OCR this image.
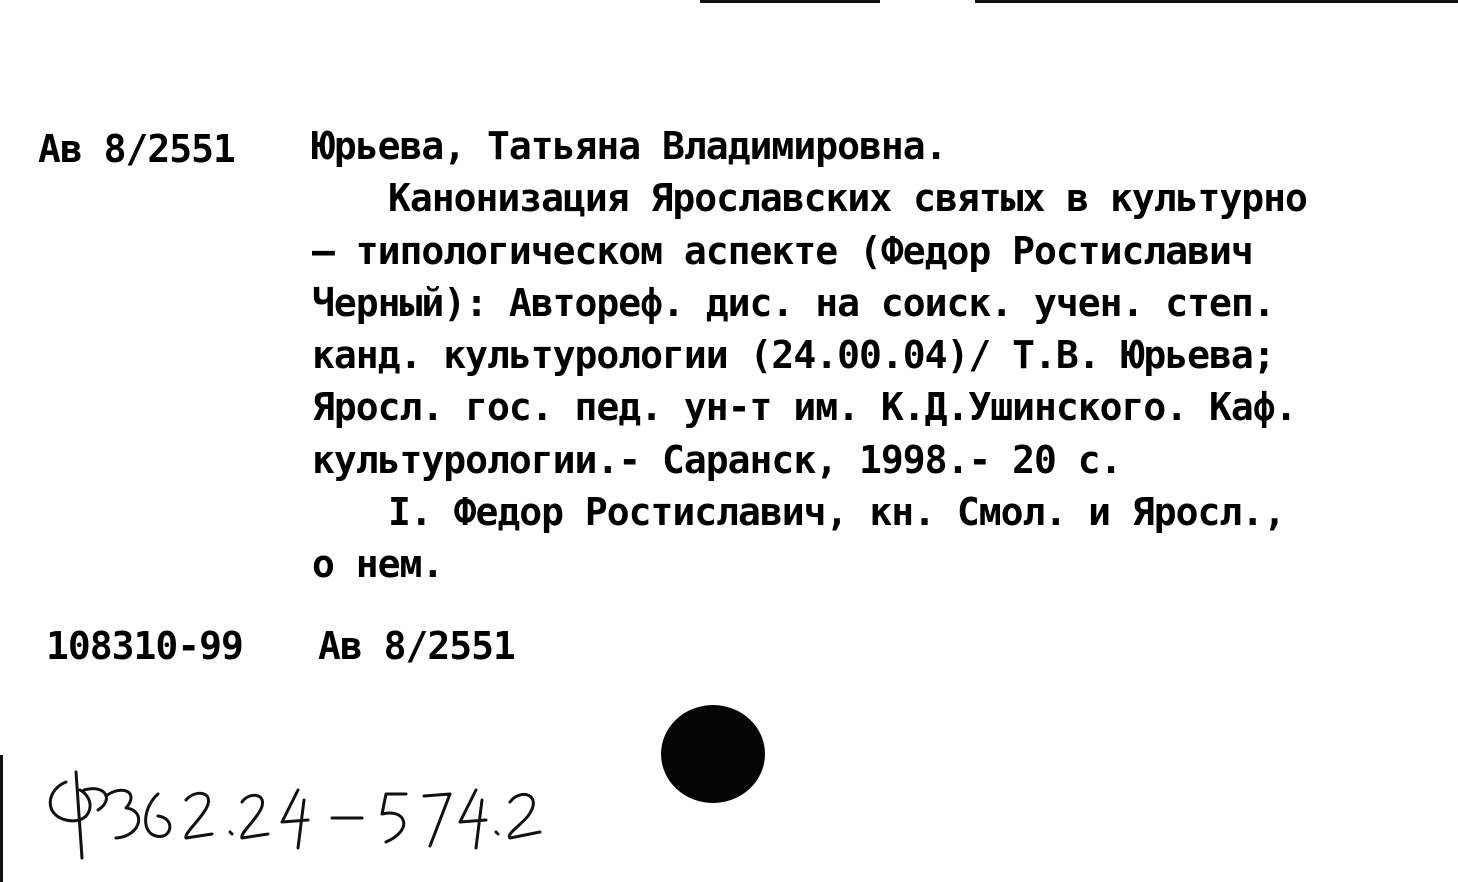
Ав 8/2551 Юрьева, Татьяна Владимировна.
Канонизация Ярославских святых в культурно
– типологическом аспекте (Федор Ростиславич
Черный): Автореф. дис. на соиск. учен. степ.
канд. культурологии (24.00.04)/ Т.В. Юрьева;
Яросл. гос. пед. ун-т им. К.Д.Ушинского. Каф.
культурологии.- Саранск, 1998.- 20 с.
I. Федор Ростиславич, кн. Смол. и Яросл.,
о нем.
108310-99 Ав 8/2551
